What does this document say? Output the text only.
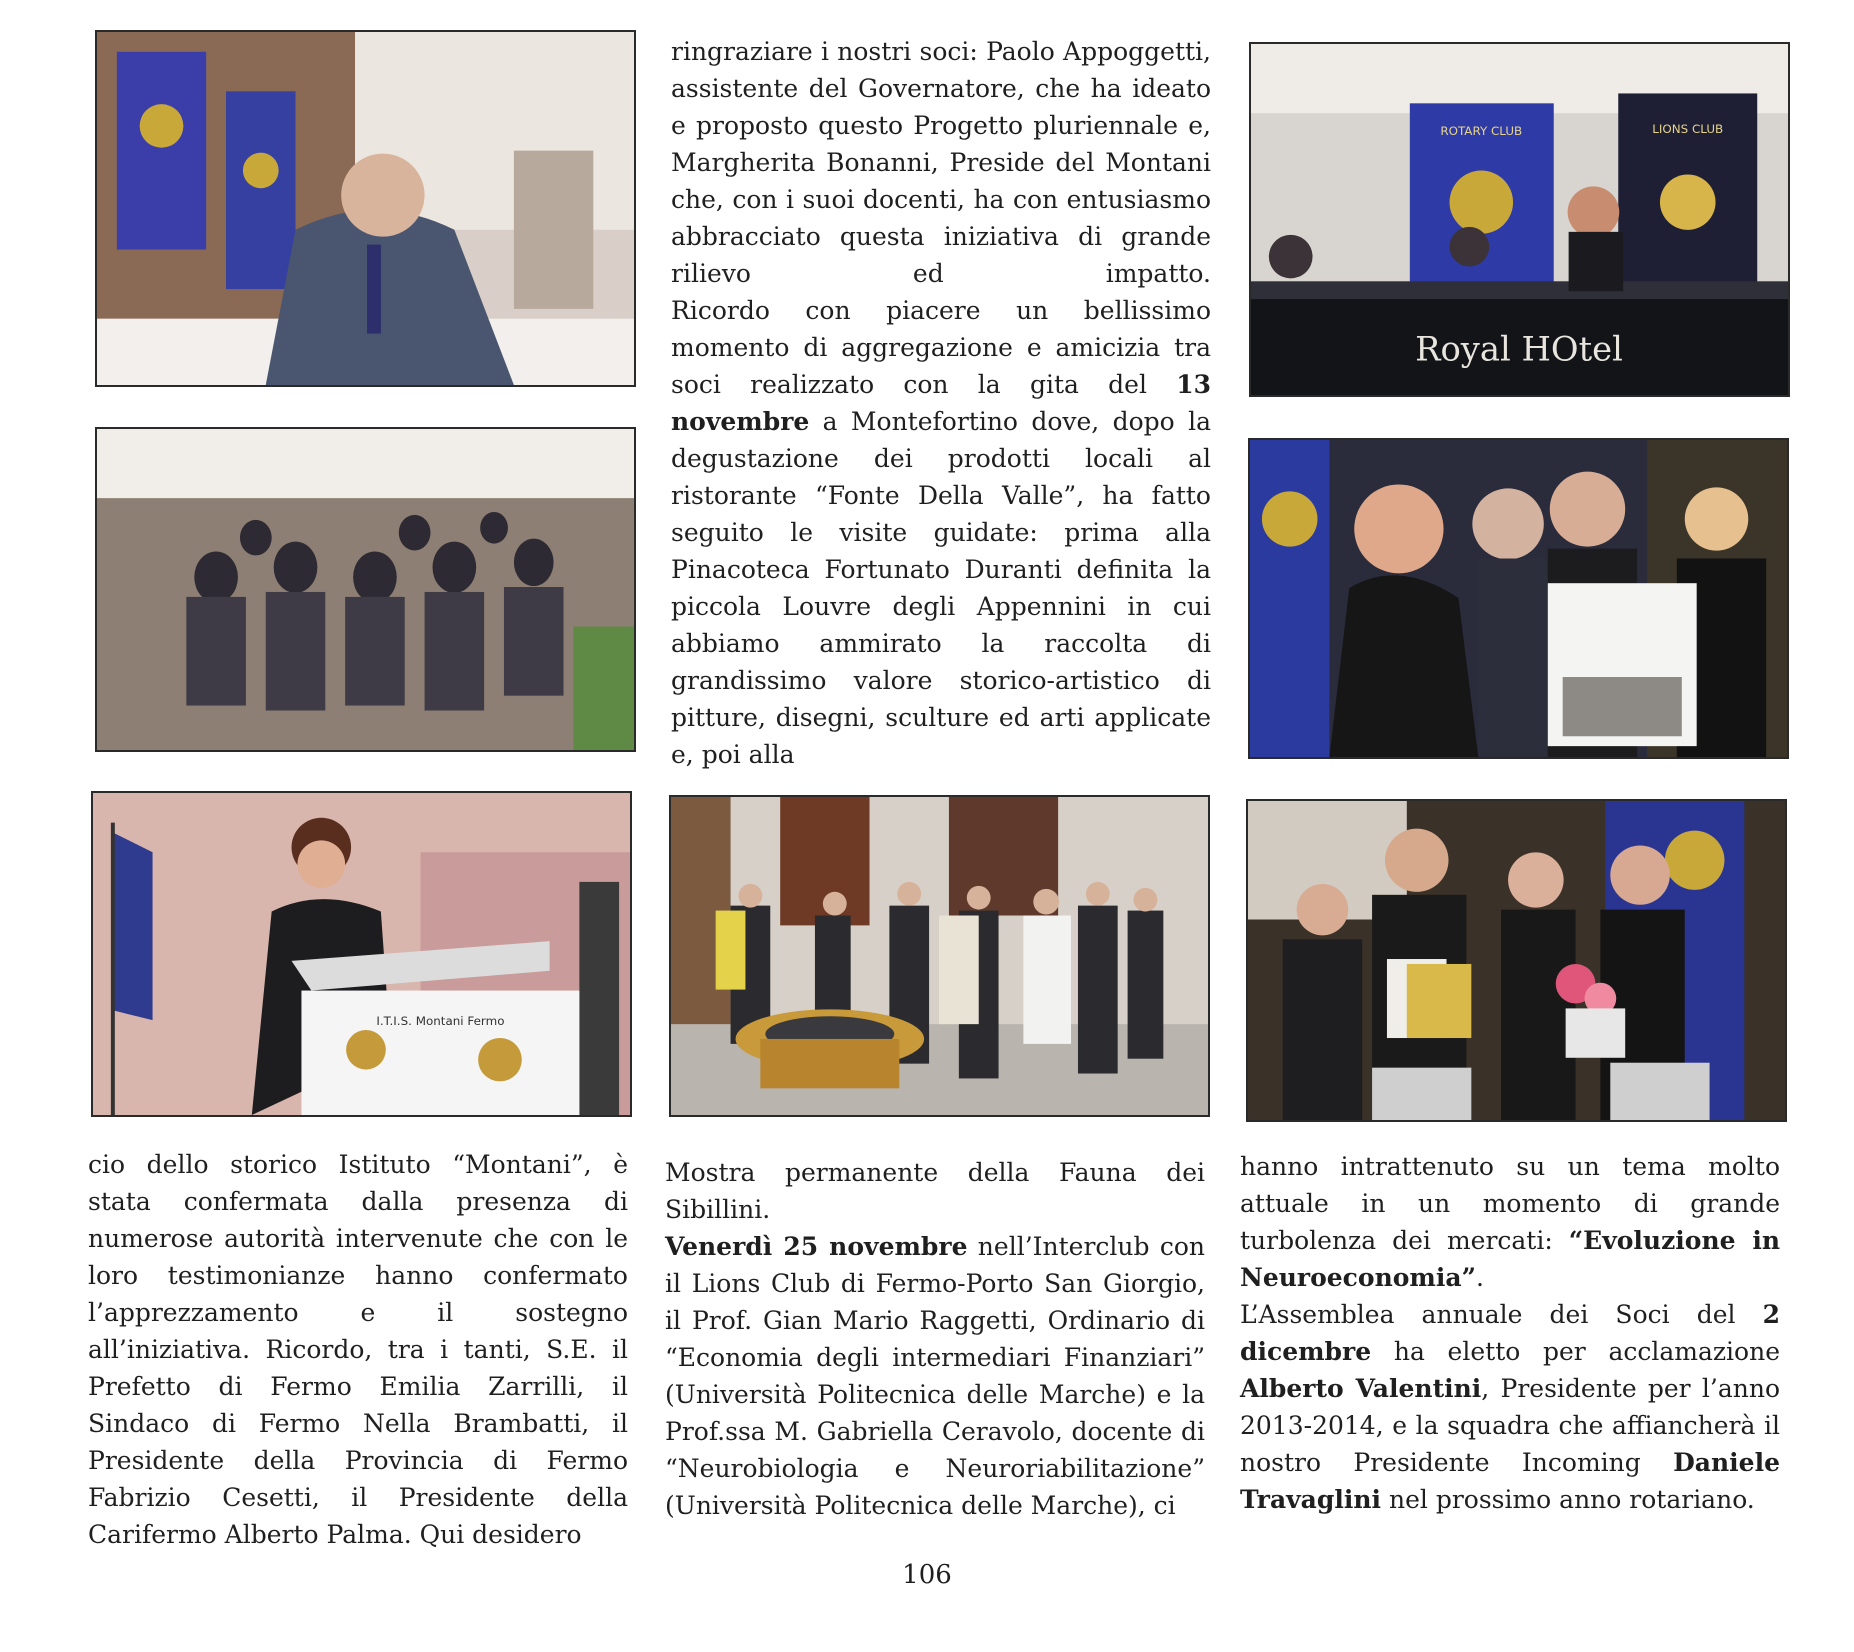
ROTARY CLUB	LIONS CLUB
Royal HOtel
I.T.I.S. Montani Fermo

ringraziare i nostri soci: Paolo Appoggetti, assistente del Governatore, che ha ideato e proposto questo Progetto pluriennale e, Margherita Bonanni, Preside del Montani che, con i suoi docenti, ha con entusiasmo abbracciato questa iniziativa di grande rilievo ed impatto.

Ricordo con piacere un bellissimo momento di aggregazione e amicizia tra soci realizzato con la gita del 13 novembre a Montefortino dove, dopo la degustazione dei prodotti locali al ristorante “Fonte Della Valle”, ha fatto seguito le visite guidate: prima alla Pinacoteca Fortunato Duranti definita la piccola Louvre degli Appennini in cui abbiamo ammirato la raccolta di grandissimo valore storico-artistico di pitture, disegni, sculture ed arti applicate e, poi alla

cio dello storico Istituto “Montani”, è stata confermata dalla presenza di numerose autorità intervenute che con le loro testimonianze hanno confermato l’apprezzamento e il sostegno all’iniziativa. Ricordo, tra i tanti, S.E. il Prefetto di Fermo Emilia Zarrilli, il Sindaco di Fermo Nella Brambatti, il Presidente della Provincia di Fermo Fabrizio Cesetti, il Presidente della Carifermo Alberto Palma. Qui desidero

Mostra permanente della Fauna dei Sibillini.

Venerdì 25 novembre nell’Interclub con il Lions Club di Fermo-Porto San Giorgio, il Prof. Gian Mario Raggetti, Ordinario di “Economia degli intermediari Finanziari” (Università Politecnica delle Marche) e la Prof.ssa M. Gabriella Ceravolo, docente di “Neurobiologia e Neuroriabilitazione” (Università Politecnica delle Marche), ci

hanno intrattenuto su un tema molto attuale in un momento di grande turbolenza dei mercati: “Evoluzione in Neuroeconomia”.

L’Assemblea annuale dei Soci del 2 dicembre ha eletto per acclamazione Alberto Valentini, Presidente per l’anno 2013-2014, e la squadra che affiancherà il nostro Presidente Incoming Daniele Travaglini nel prossimo anno rotariano.

106
